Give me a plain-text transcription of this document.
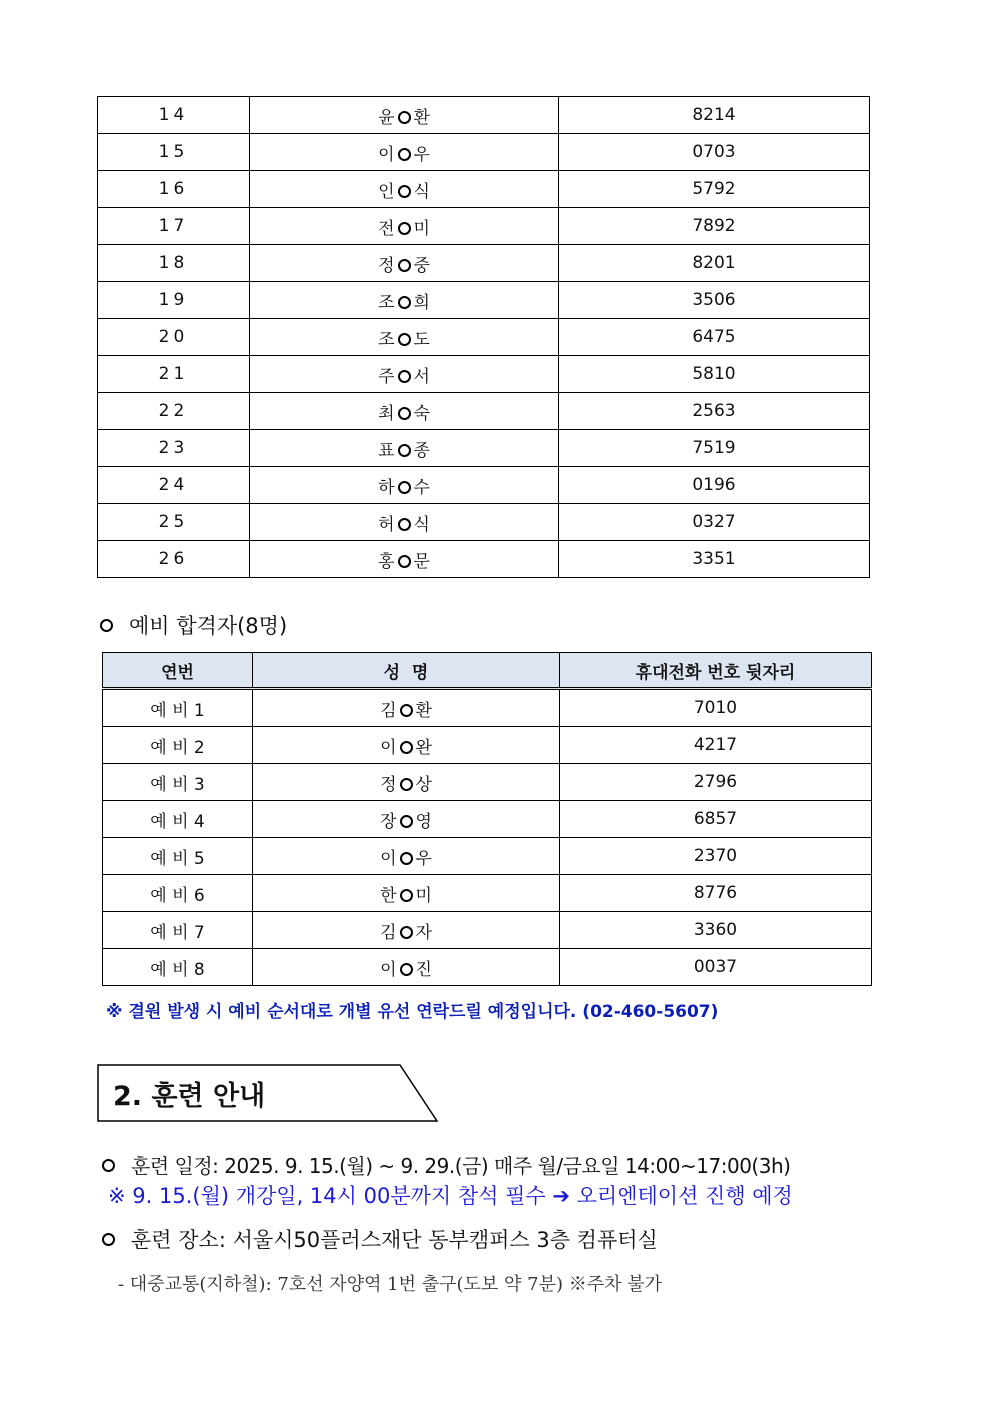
14	윤 환	8214
15	이 우	0703
16	인 식	5792
17	전 미	7892
18	정 중	8201
19	조 희	3506
20	조 도	6475
21	주 서	5810
22	최 숙	2563
23	표 종	7519
24	하 수	0196
25	허 식	0327
26	홍 문	3351
예비 합격자(8명)
연번	성  명	휴대전화 번호 뒷자리
예 비 1	김 환	7010
예 비 2	이 완	4217
예 비 3	정 상	2796
예 비 4	장 영	6857
예 비 5	이 우	2370
예 비 6	한 미	8776
예 비 7	김 자	3360
예 비 8	이 진	0037
※ 결원 발생 시 예비 순서대로 개별 유선 연락드릴 예정입니다. (02-460-5607)
2. 훈련 안내
훈련 일정: 2025. 9. 15.(월) ~ 9. 29.(금) 매주 월/금요일 14:00~17:00(3h)
※ 9. 15.(월) 개강일, 14시 00분까지 참석 필수 ➔ 오리엔테이션 진행 예정
훈련 장소: 서울시50플러스재단 동부캠퍼스 3층 컴퓨터실
- 대중교통(지하철): 7호선 자양역 1번 출구(도보 약 7분) ※주차 불가
